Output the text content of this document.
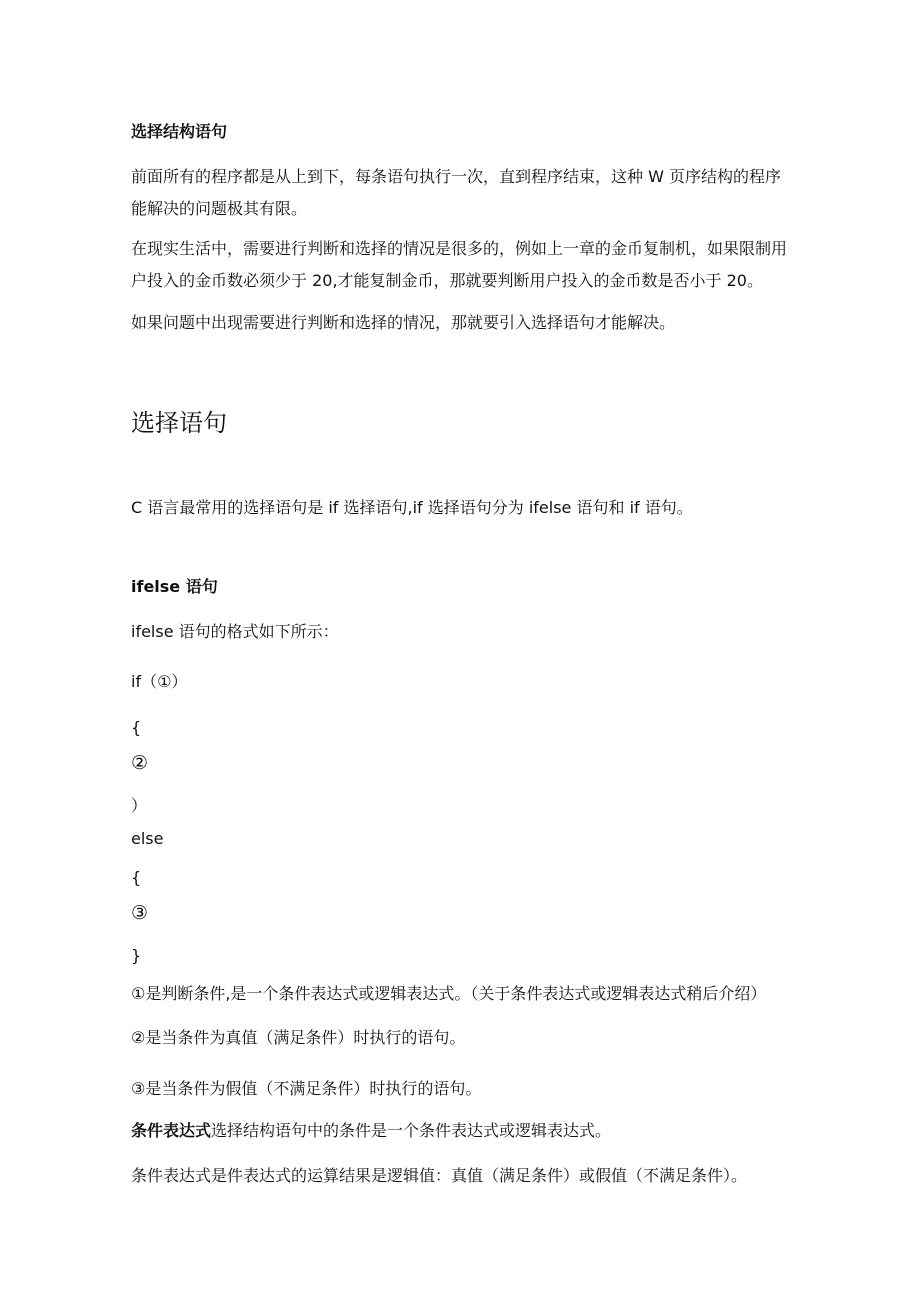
选择结构语句

前面所有的程序都是从上到下，每条语句执行一次，直到程序结束，这种 W 页序结构的程序能解决的问题极其有限。

在现实生活中，需要进行判断和选择的情况是很多的，例如上一章的金币复制机，如果限制用户投入的金币数必须少于 20,才能复制金币，那就要判断用户投入的金币数是否小于 20。

如果问题中出现需要进行判断和选择的情况，那就要引入选择语句才能解决。

选择语句

C 语言最常用的选择语句是 if 选择语句,if 选择语句分为 ifelse 语句和 if 语句。

ifelse 语句

ifelse 语句的格式如下所示：

if（①）
{
②
）
else
{
③
}

①是判断条件,是一个条件表达式或逻辑表达式。（关于条件表达式或逻辑表达式稍后介绍）

②是当条件为真值（满足条件）时执行的语句。

③是当条件为假值（不满足条件）时执行的语句。

条件表达式选择结构语句中的条件是一个条件表达式或逻辑表达式。

条件表达式是件表达式的运算结果是逻辑值：真值（满足条件）或假值（不满足条件）。
